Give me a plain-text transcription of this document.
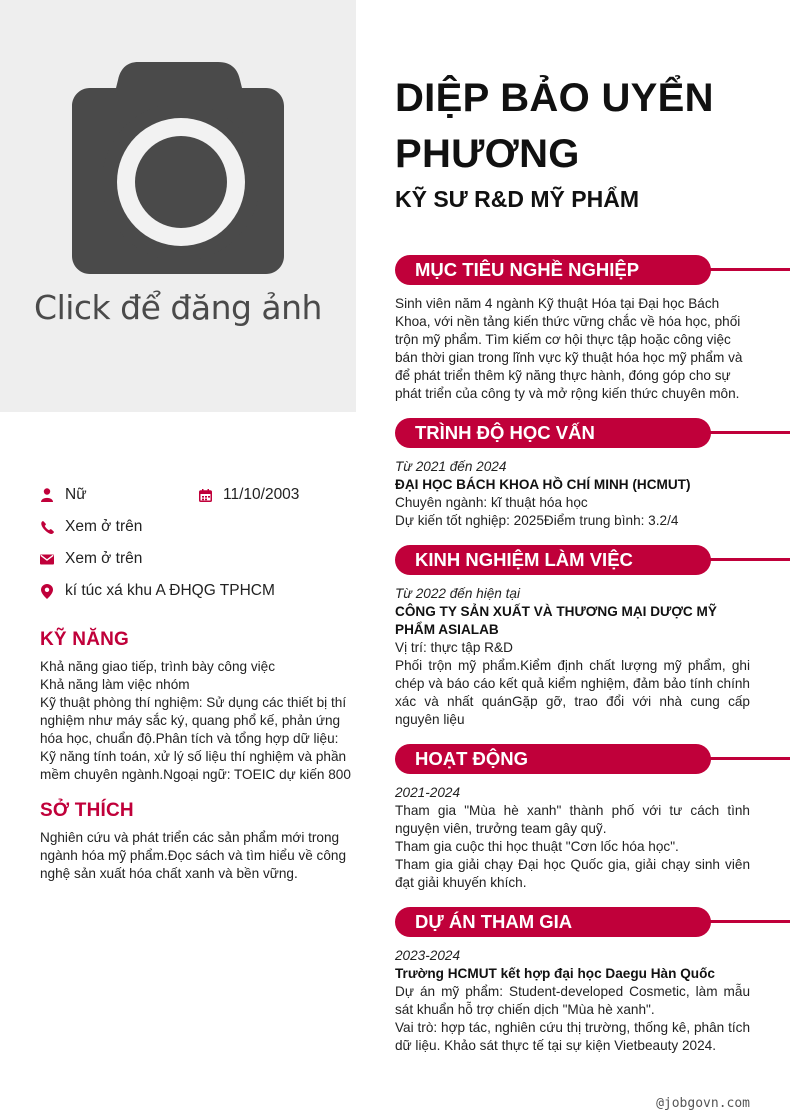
Click để đăng ảnh
DIỆP BẢO UYỂN PHƯƠNG
KỸ SƯ R&D MỸ PHẨM
Nữ	11/10/2003
Xem ở trên
Xem ở trên
kí túc xá khu A ĐHQG TPHCM
KỸ NĂNG
Khả năng giao tiếp, trình bày công việc
Khả năng làm việc nhóm
Kỹ thuật phòng thí nghiệm: Sử dụng các thiết bị thí nghiệm như máy sắc ký, quang phổ kế, phản ứng hóa học, chuẩn độ.Phân tích và tổng hợp dữ liệu: Kỹ năng tính toán, xử lý số liệu thí nghiệm và phần mềm chuyên ngành.Ngoại ngữ: TOEIC dự kiến 800
SỞ THÍCH
Nghiên cứu và phát triển các sản phẩm mới trong ngành hóa mỹ phẩm.Đọc sách và tìm hiểu về công nghệ sản xuất hóa chất xanh và bền vững.
MỤC TIÊU NGHỀ NGHIỆP
Sinh viên năm 4 ngành Kỹ thuật Hóa tại Đại học Bách Khoa, với nền tảng kiến thức vững chắc về hóa học, phối trộn mỹ phẩm. Tìm kiếm cơ hội thực tập hoặc công việc bán thời gian trong lĩnh vực kỹ thuật hóa học mỹ phẩm và để phát triển thêm kỹ năng thực hành, đóng góp cho sự phát triển của công ty và mở rộng kiến thức chuyên môn.
TRÌNH ĐỘ HỌC VẤN
Từ 2021 đến 2024
ĐẠI HỌC BÁCH KHOA HỒ CHÍ MINH (HCMUT)
Chuyên ngành: kĩ thuật hóa học
Dự kiến tốt nghiệp: 2025Điểm trung bình: 3.2/4
KINH NGHIỆM LÀM VIỆC
Từ 2022 đến hiện tại
CÔNG TY SẢN XUẤT VÀ THƯƠNG MẠI DƯỢC MỸ PHẨM ASIALAB
Vị trí: thực tập R&D
Phối trộn mỹ phẩm.Kiểm định chất lượng mỹ phẩm, ghi chép và báo cáo kết quả kiểm nghiệm, đảm bảo tính chính xác và nhất quánGặp gỡ, trao đổi với nhà cung cấp nguyên liệu
HOẠT ĐỘNG
2021-2024
Tham gia "Mùa hè xanh" thành phố với tư cách tình nguyện viên, trưởng team gây quỹ.
Tham gia cuộc thi học thuật "Cơn lốc hóa học".
Tham gia giải chạy Đại học Quốc gia, giải chạy sinh viên đạt giải khuyến khích.
DỰ ÁN THAM GIA
2023-2024
Trường HCMUT kết hợp đại học Daegu Hàn Quốc
Dự án mỹ phẩm: Student-developed Cosmetic, làm mẫu sát khuẩn hỗ trợ chiến dịch "Mùa hè xanh".
Vai trò: hợp tác, nghiên cứu thị trường, thống kê, phân tích dữ liệu. Khảo sát thực tế tại sự kiện Vietbeauty 2024.
@jobgovn.com
